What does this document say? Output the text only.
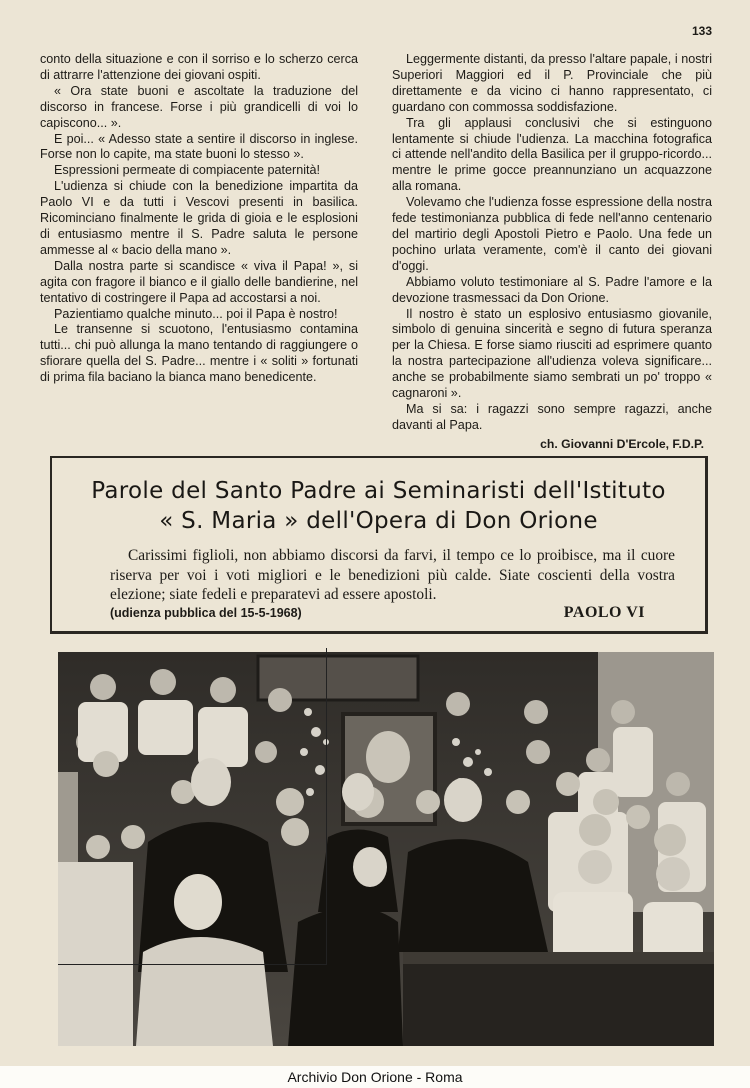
133

conto della situazione e con il sorriso e lo scherzo cerca di attrarre l'attenzione dei giovani ospiti.

« Ora state buoni e ascoltate la traduzione del discorso in francese. Forse i più grandicelli di voi lo capiscono... ».

E poi... « Adesso state a sentire il discorso in inglese. Forse non lo capite, ma state buoni lo stesso ».

Espressioni permeate di compiacente paternità!

L'udienza si chiude con la benedizione impartita da Paolo VI e da tutti i Vescovi presenti in basilica. Ricominciano finalmente le grida di gioia e le esplosioni di entusiasmo mentre il S. Padre saluta le persone ammesse al « bacio della mano ».

Dalla nostra parte si scandisce « viva il Papa! », si agita con fragore il bianco e il giallo delle bandierine, nel tentativo di costringere il Papa ad accostarsi a noi.

Pazientiamo qualche minuto... poi il Papa è nostro!

Le transenne si scuotono, l'entusiasmo contamina tutti... chi può allunga la mano tentando di raggiungere o sfiorare quella del S. Padre... mentre i « soliti » fortunati di prima fila baciano la bianca mano benedicente.

Leggermente distanti, da presso l'altare papale, i nostri Superiori Maggiori ed il P. Provinciale che più direttamente e da vicino ci hanno rappresentato, ci guardano con commossa soddisfazione.

Tra gli applausi conclusivi che si estinguono lentamente si chiude l'udienza. La macchina fotografica ci attende nell'andito della Basilica per il gruppo-ricordo... mentre le prime gocce preannunziano un acquazzone alla romana.

Volevamo che l'udienza fosse espressione della nostra fede testimonianza pubblica di fede nell'anno centenario del martirio degli Apostoli Pietro e Paolo. Una fede un pochino urlata veramente, com'è il canto dei giovani d'oggi.

Abbiamo voluto testimoniare al S. Padre l'amore e la devozione trasmessaci da Don Orione.

Il nostro è stato un esplosivo entusiasmo giovanile, simbolo di genuina sincerità e segno di futura speranza per la Chiesa. E forse siamo riusciti ad esprimere quanto la nostra partecipazione all'udienza voleva significare... anche se probabilmente siamo sembrati un po' troppo « cagnaroni ».

Ma si sa: i ragazzi sono sempre ragazzi, anche davanti al Papa.

ch. Giovanni D'Ercole, F.D.P.
Parole del Santo Padre ai Seminaristi dell'Istituto
« S. Maria » dell'Opera di Don Orione
Carissimi figlioli, non abbiamo discorsi da farvi, il tempo ce lo proibisce, ma il cuore riserva per voi i voti migliori e le benedizioni più calde. Siate coscienti della vostra elezione; siate fedeli e preparatevi ad essere apostoli.
(udienza pubblica del 15-5-1968)	PAOLO VI
Archivio Don Orione - Roma
